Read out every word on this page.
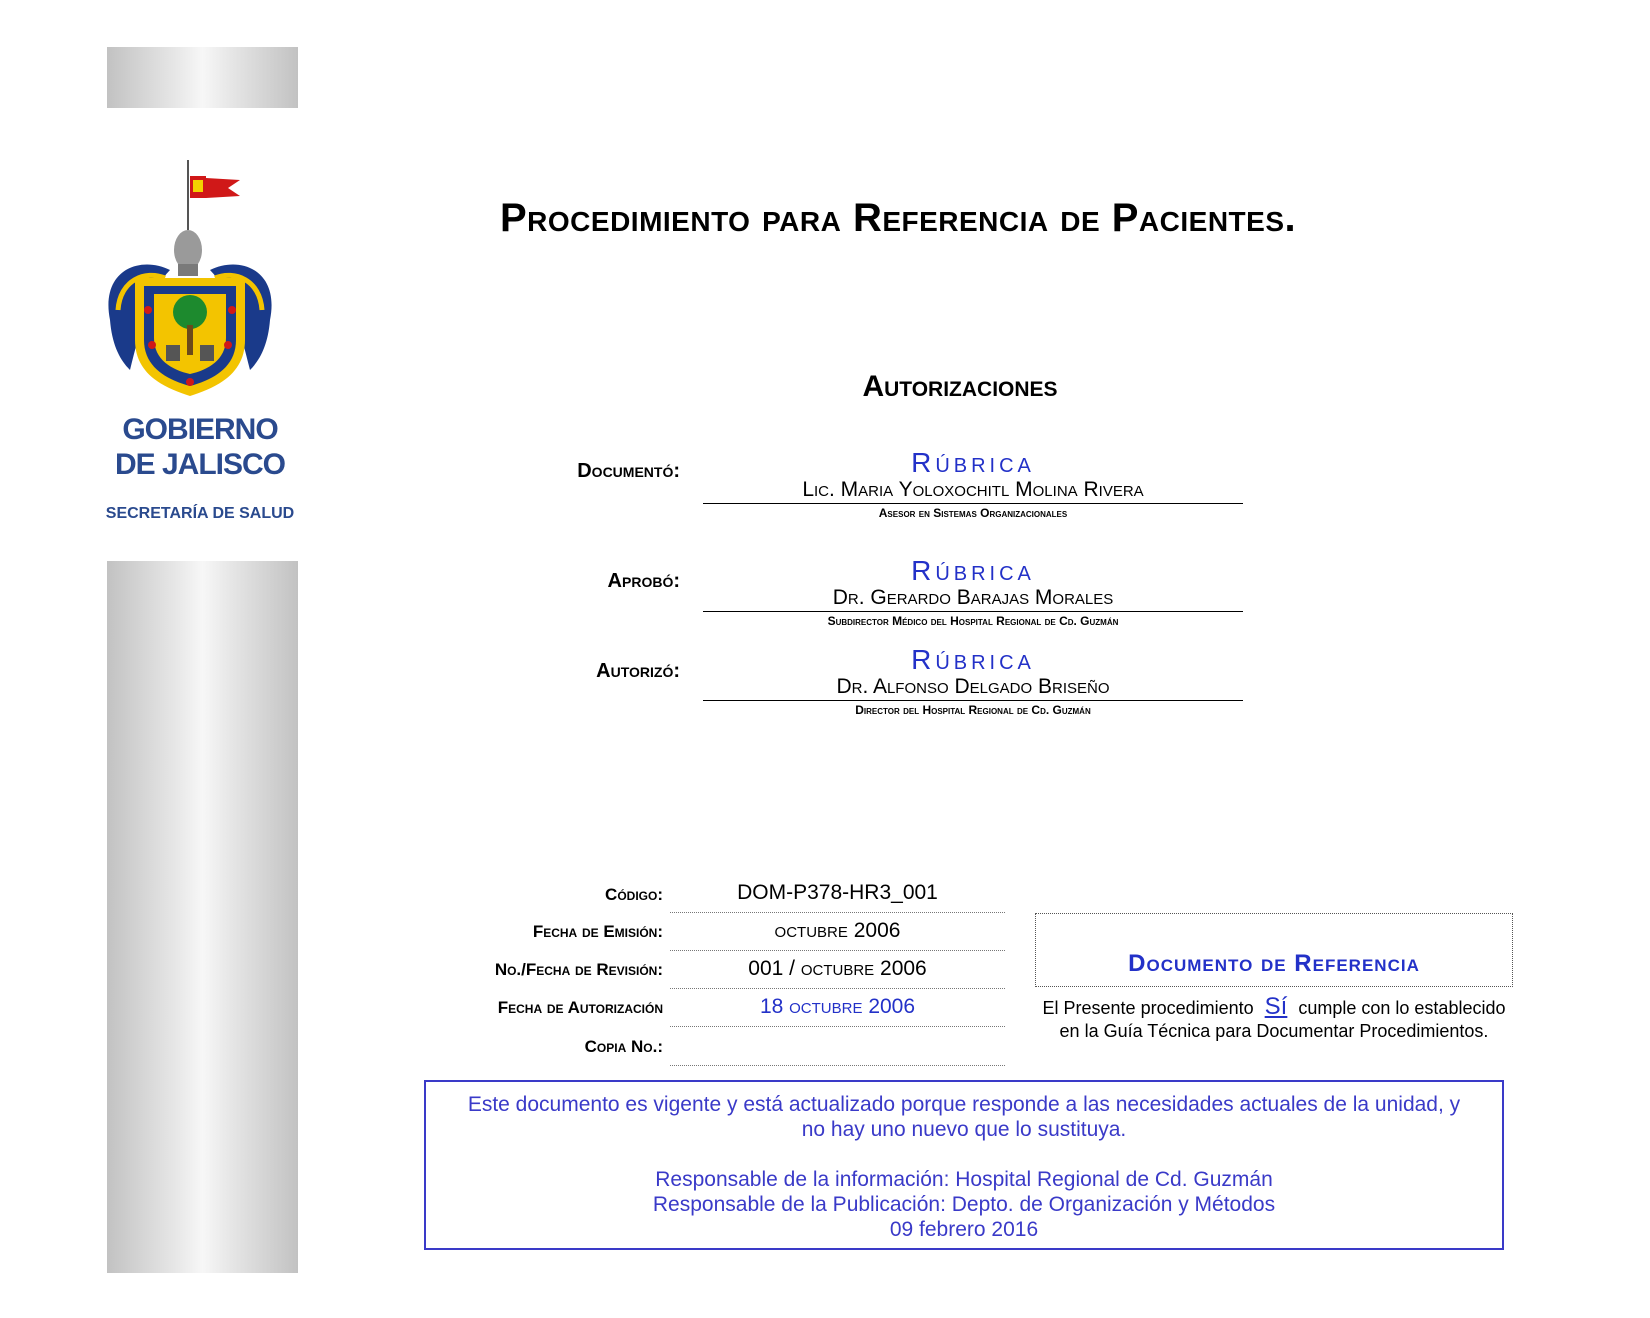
GOBIERNO
DE JALISCO
SECRETARÍA DE SALUD
Procedimiento para Referencia de Pacientes.
Autorizaciones
Documentó:	Rúbrica
Lic. Maria Yoloxochitl Molina Rivera
Asesor en Sistemas Organizacionales
Aprobó:	Rúbrica
Dr. Gerardo Barajas Morales
Subdirector Médico del Hospital Regional de Cd. Guzmán
Autorizó:	Rúbrica
Dr. Alfonso Delgado Briseño
Director del Hospital Regional de Cd. Guzmán
Código:	DOM-P378-HR3_001
Fecha de Emisión:	octubre 2006
No./Fecha de Revisión:	001 / octubre 2006
Fecha de Autorización	18 octubre 2006
Copia No.:
Documento de Referencia
El Presente procedimiento Sí cumple con lo establecido en la Guía Técnica para Documentar Procedimientos.

Este documento es vigente y está actualizado porque responde a las necesidades actuales de la unidad, y no hay uno nuevo que lo sustituya.

Responsable de la información: Hospital Regional de Cd. Guzmán

Responsable de la Publicación: Depto. de Organización y Métodos

09 febrero 2016
